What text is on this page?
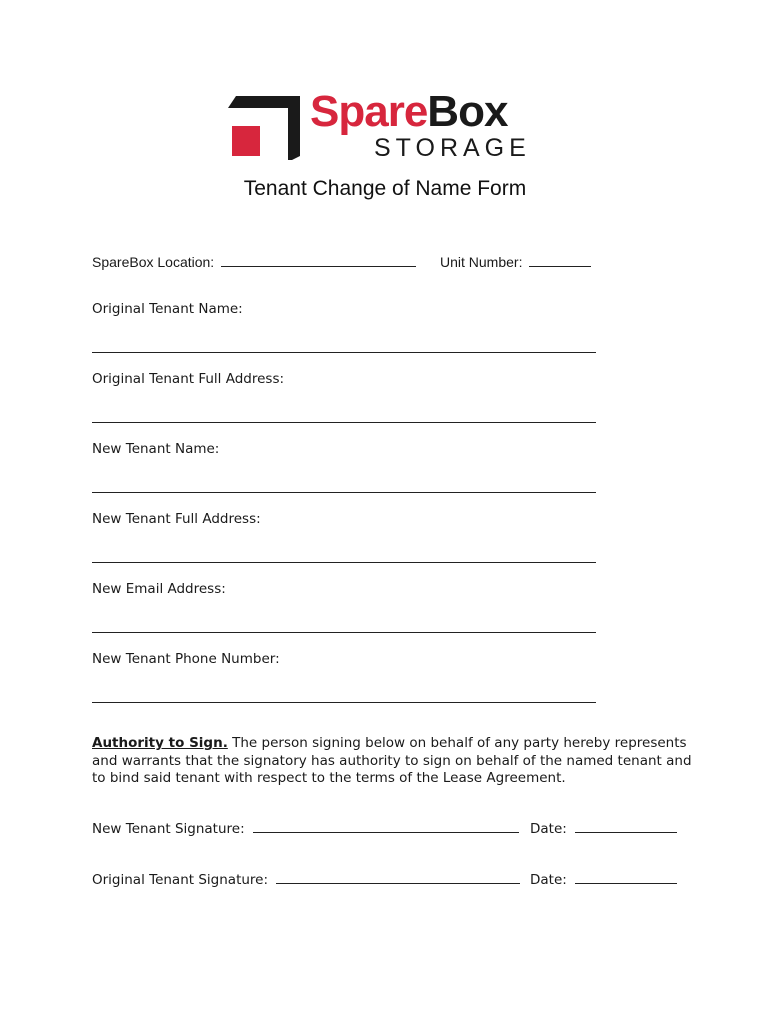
SpareBox
STORAGE
Tenant Change of Name Form
SpareBox Location:	Unit Number:
Original Tenant Name:
Original Tenant Full Address:
New Tenant Name:
New Tenant Full Address:
New Email Address:
New Tenant Phone Number:
Authority to Sign. The person signing below on behalf of any party hereby represents and warrants that the signatory has authority to sign on behalf of the named tenant and to bind said tenant with respect to the terms of the Lease Agreement.
New Tenant Signature:	Date:
Original Tenant Signature:	Date:
